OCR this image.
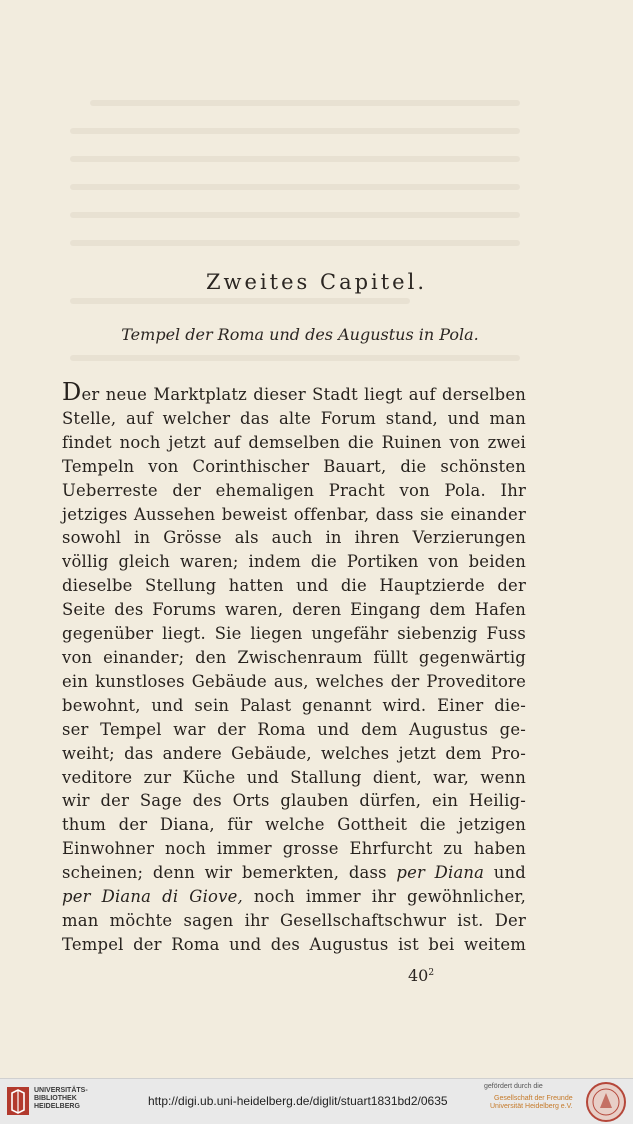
Zweites Capitel.
Tempel der Roma und des Augustus in Pola.
Der neue Marktplatz dieser Stadt liegt auf derselben
Stelle, auf welcher das alte Forum stand, und man
findet noch jetzt auf demselben die Ruinen von zwei
Tempeln von Corinthischer Bauart, die schönsten
Ueberreste der ehemaligen Pracht von Pola. Ihr
jetziges Aussehen beweist offenbar, dass sie einander
sowohl in Grösse als auch in ihren Verzierungen
völlig gleich waren; indem die Portiken von beiden
dieselbe Stellung hatten und die Hauptzierde der
Seite des Forums waren, deren Eingang dem Hafen
gegenüber liegt. Sie liegen ungefähr siebenzig Fuss
von einander; den Zwischenraum füllt gegenwärtig
ein kunstloses Gebäude aus, welches der Proveditore
bewohnt, und sein Palast genannt wird. Einer die-
ser Tempel war der Roma und dem Augustus ge-
weiht; das andere Gebäude, welches jetzt dem Pro-
veditore zur Küche und Stallung dient, war, wenn
wir der Sage des Orts glauben dürfen, ein Heilig-
thum der Diana, für welche Gottheit die jetzigen
Einwohner noch immer grosse Ehrfurcht zu haben
scheinen; denn wir bemerkten, dass per Diana und
per Diana di Giove, noch immer ihr gewöhnlicher,
man möchte sagen ihr Gesellschaftschwur ist. Der
Tempel der Roma und des Augustus ist bei weitem
$40^2$
UNIVERSITÄTS-
BIBLIOTHEK
HEIDELBERG	http://digi.ub.uni-heidelberg.de/diglit/stuart1831bd2/0635
gefördert durch die
Gesellschaft der Freunde
Universität Heidelberg e.V.
